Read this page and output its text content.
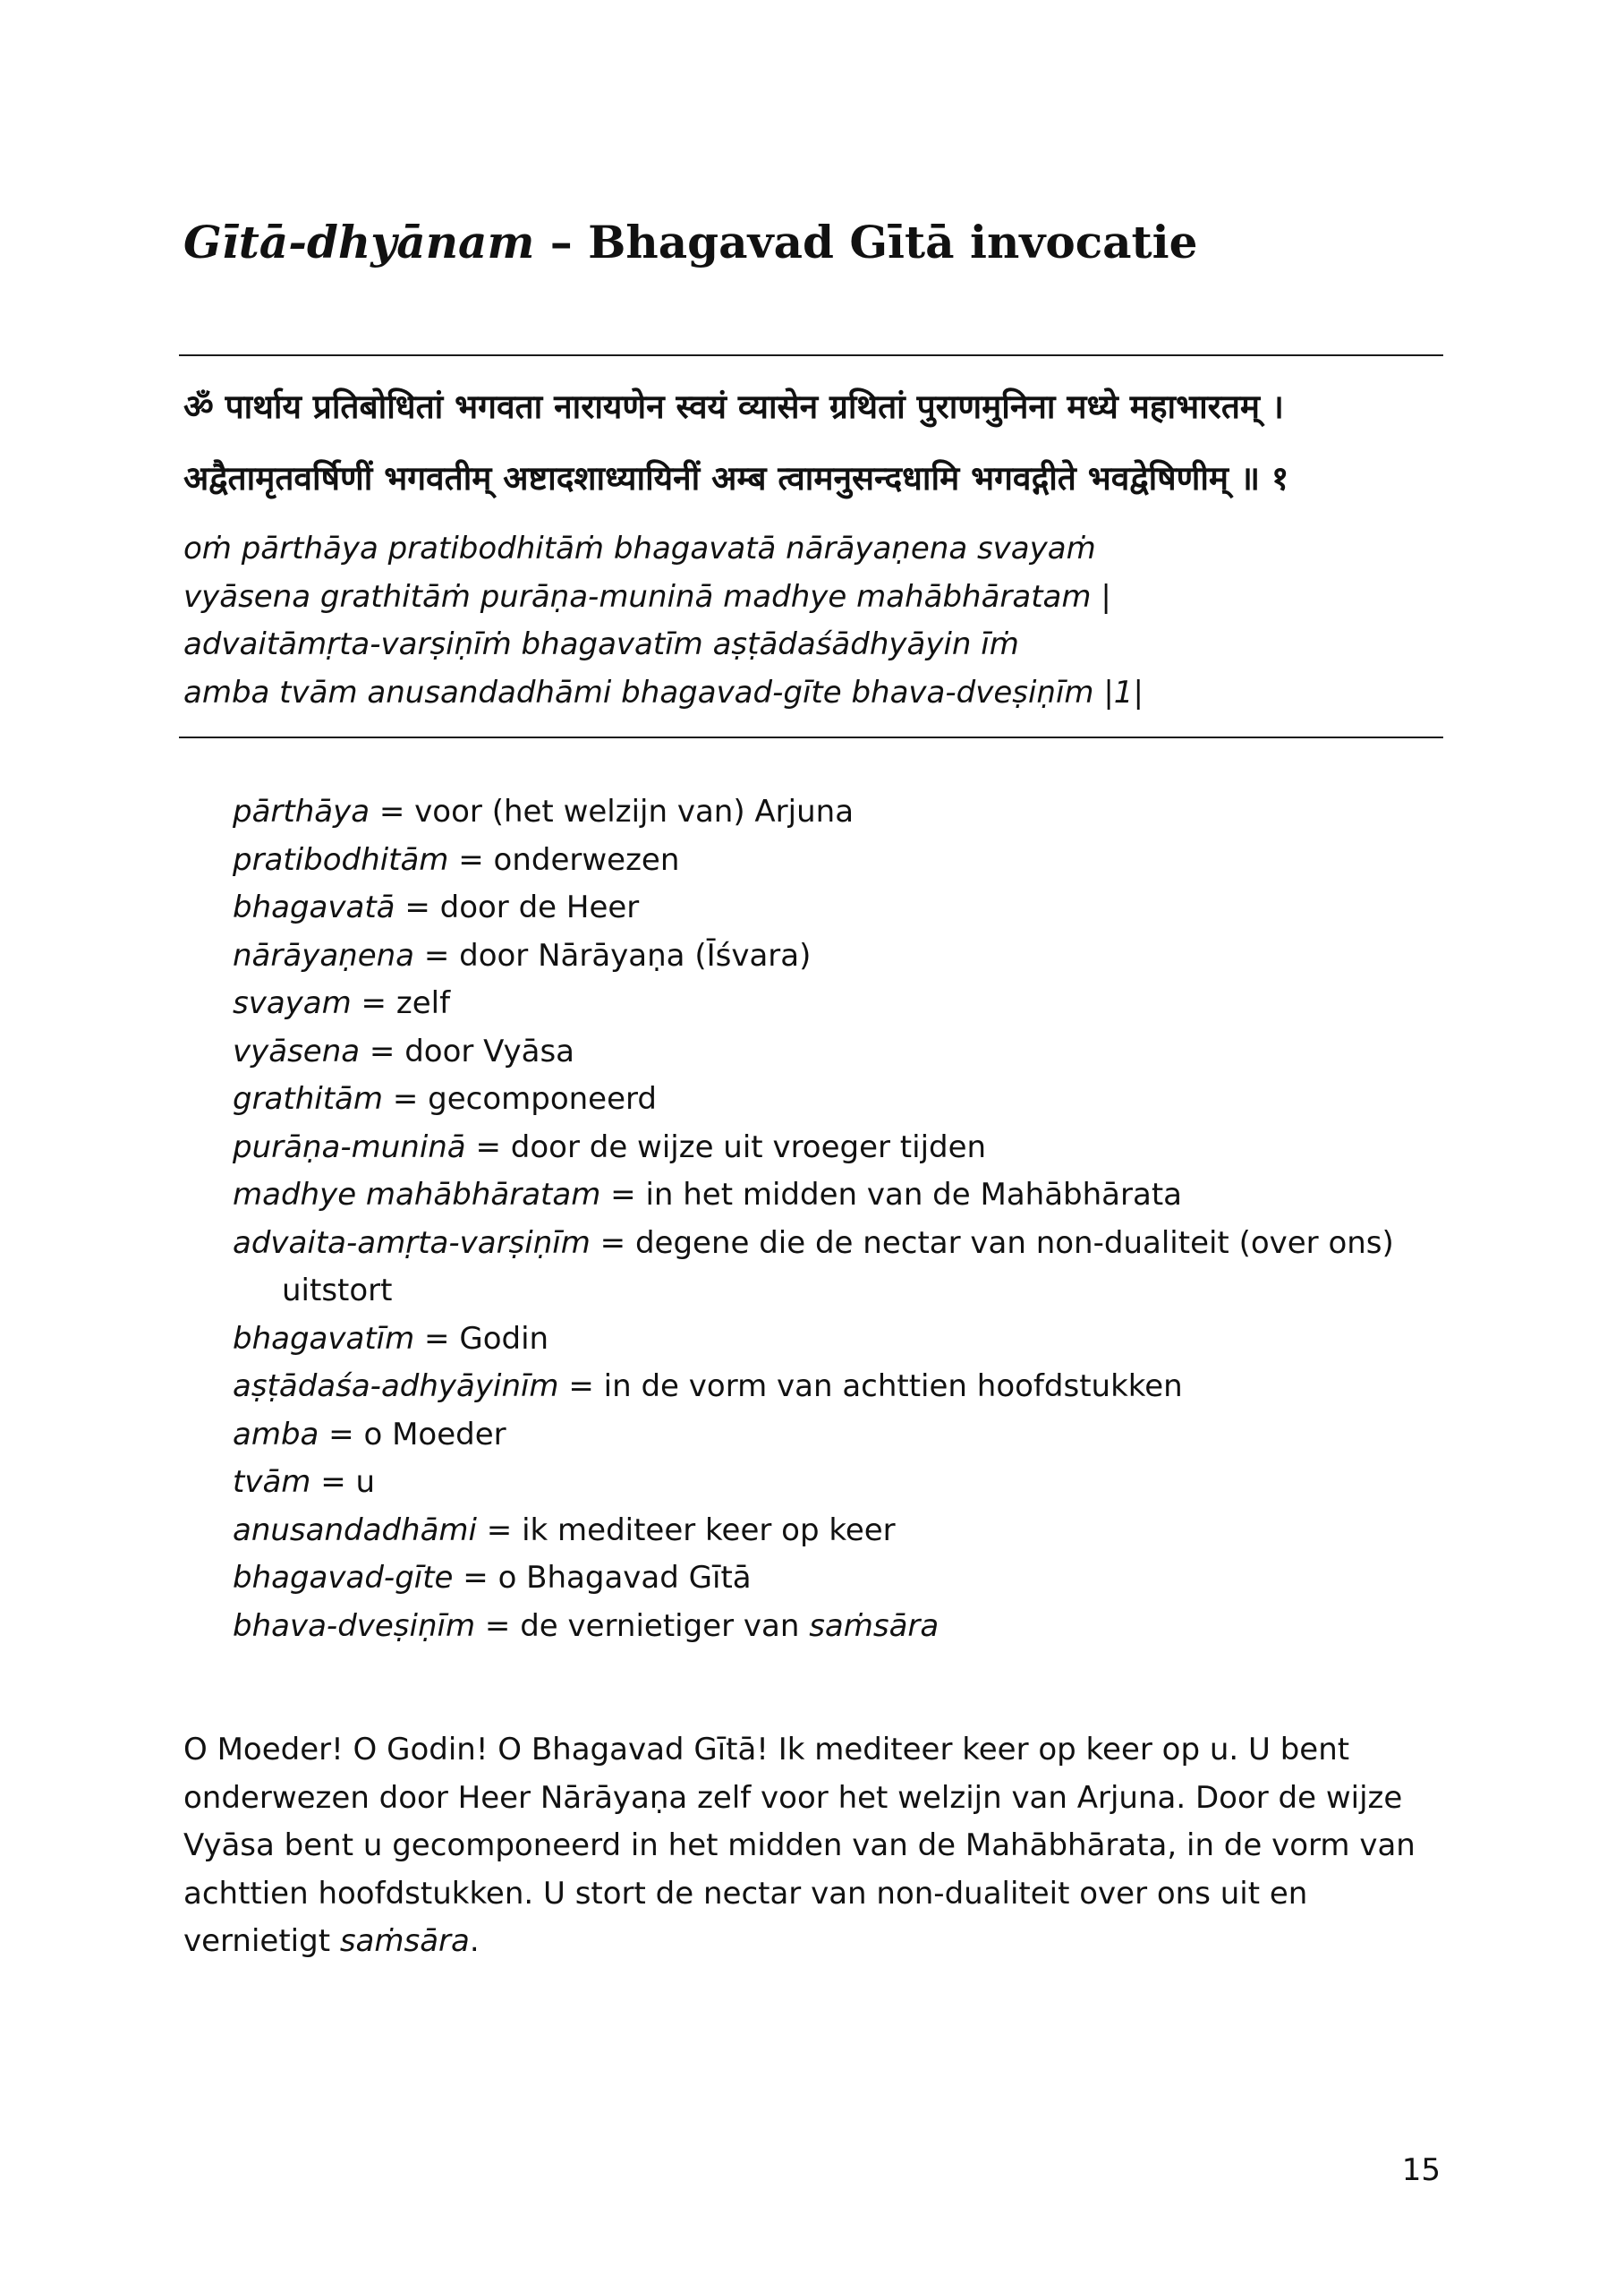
Gītā-dhyānam – Bhagavad Gītā invocatie
ॐ पार्थाय प्रतिबोधितां भगवता नारायणेन स्वयं व्यासेन ग्रथितां पुराणमुनिना मध्ये महाभारतम् ।
अद्वैतामृतवर्षिणीं भगवतीम् अष्टादशाध्यायिनीं अम्ब त्वामनुसन्दधामि भगवद्गीते भवद्वेषिणीम् ॥ १
oṁ pārthāya pratibodhitāṁ bhagavatā nārāyaṇena svayaṁ
vyāsena grathitāṁ purāṇa-muninā madhye mahābhāratam |
advaitāmṛta-varṣiṇīṁ bhagavatīm aṣṭādaśādhyāyin īṁ
amba tvām anusandadhāmi bhagavad-gīte bhava-dveṣiṇīm |1|
pārthāya = voor (het welzijn van) Arjuna
pratibodhitām = onderwezen
bhagavatā = door de Heer
nārāyaṇena = door Nārāyaṇa (Īśvara)
svayam = zelf
vyāsena = door Vyāsa
grathitām = gecomponeerd
purāṇa-muninā = door de wijze uit vroeger tijden
madhye mahābhāratam = in het midden van de Mahābhārata
advaita-amṛta-varṣiṇīm = degene die de nectar van non-dualiteit (over ons) uitstort
bhagavatīm = Godin
aṣṭādaśa-adhyāyinīm = in de vorm van achttien hoofdstukken
amba = o Moeder
tvām = u
anusandadhāmi = ik mediteer keer op keer
bhagavad-gīte = o Bhagavad Gītā
bhava-dveṣiṇīm = de vernietiger van saṁsāra

O Moeder! O Godin! O Bhagavad Gītā! Ik mediteer keer op keer op u. U bent onderwezen door Heer Nārāyaṇa zelf voor het welzijn van Arjuna. Door de wijze Vyāsa bent u gecomponeerd in het midden van de Mahābhārata, in de vorm van achttien hoofdstukken. U stort de nectar van non-dualiteit over ons uit en vernietigt saṁsāra.

15
